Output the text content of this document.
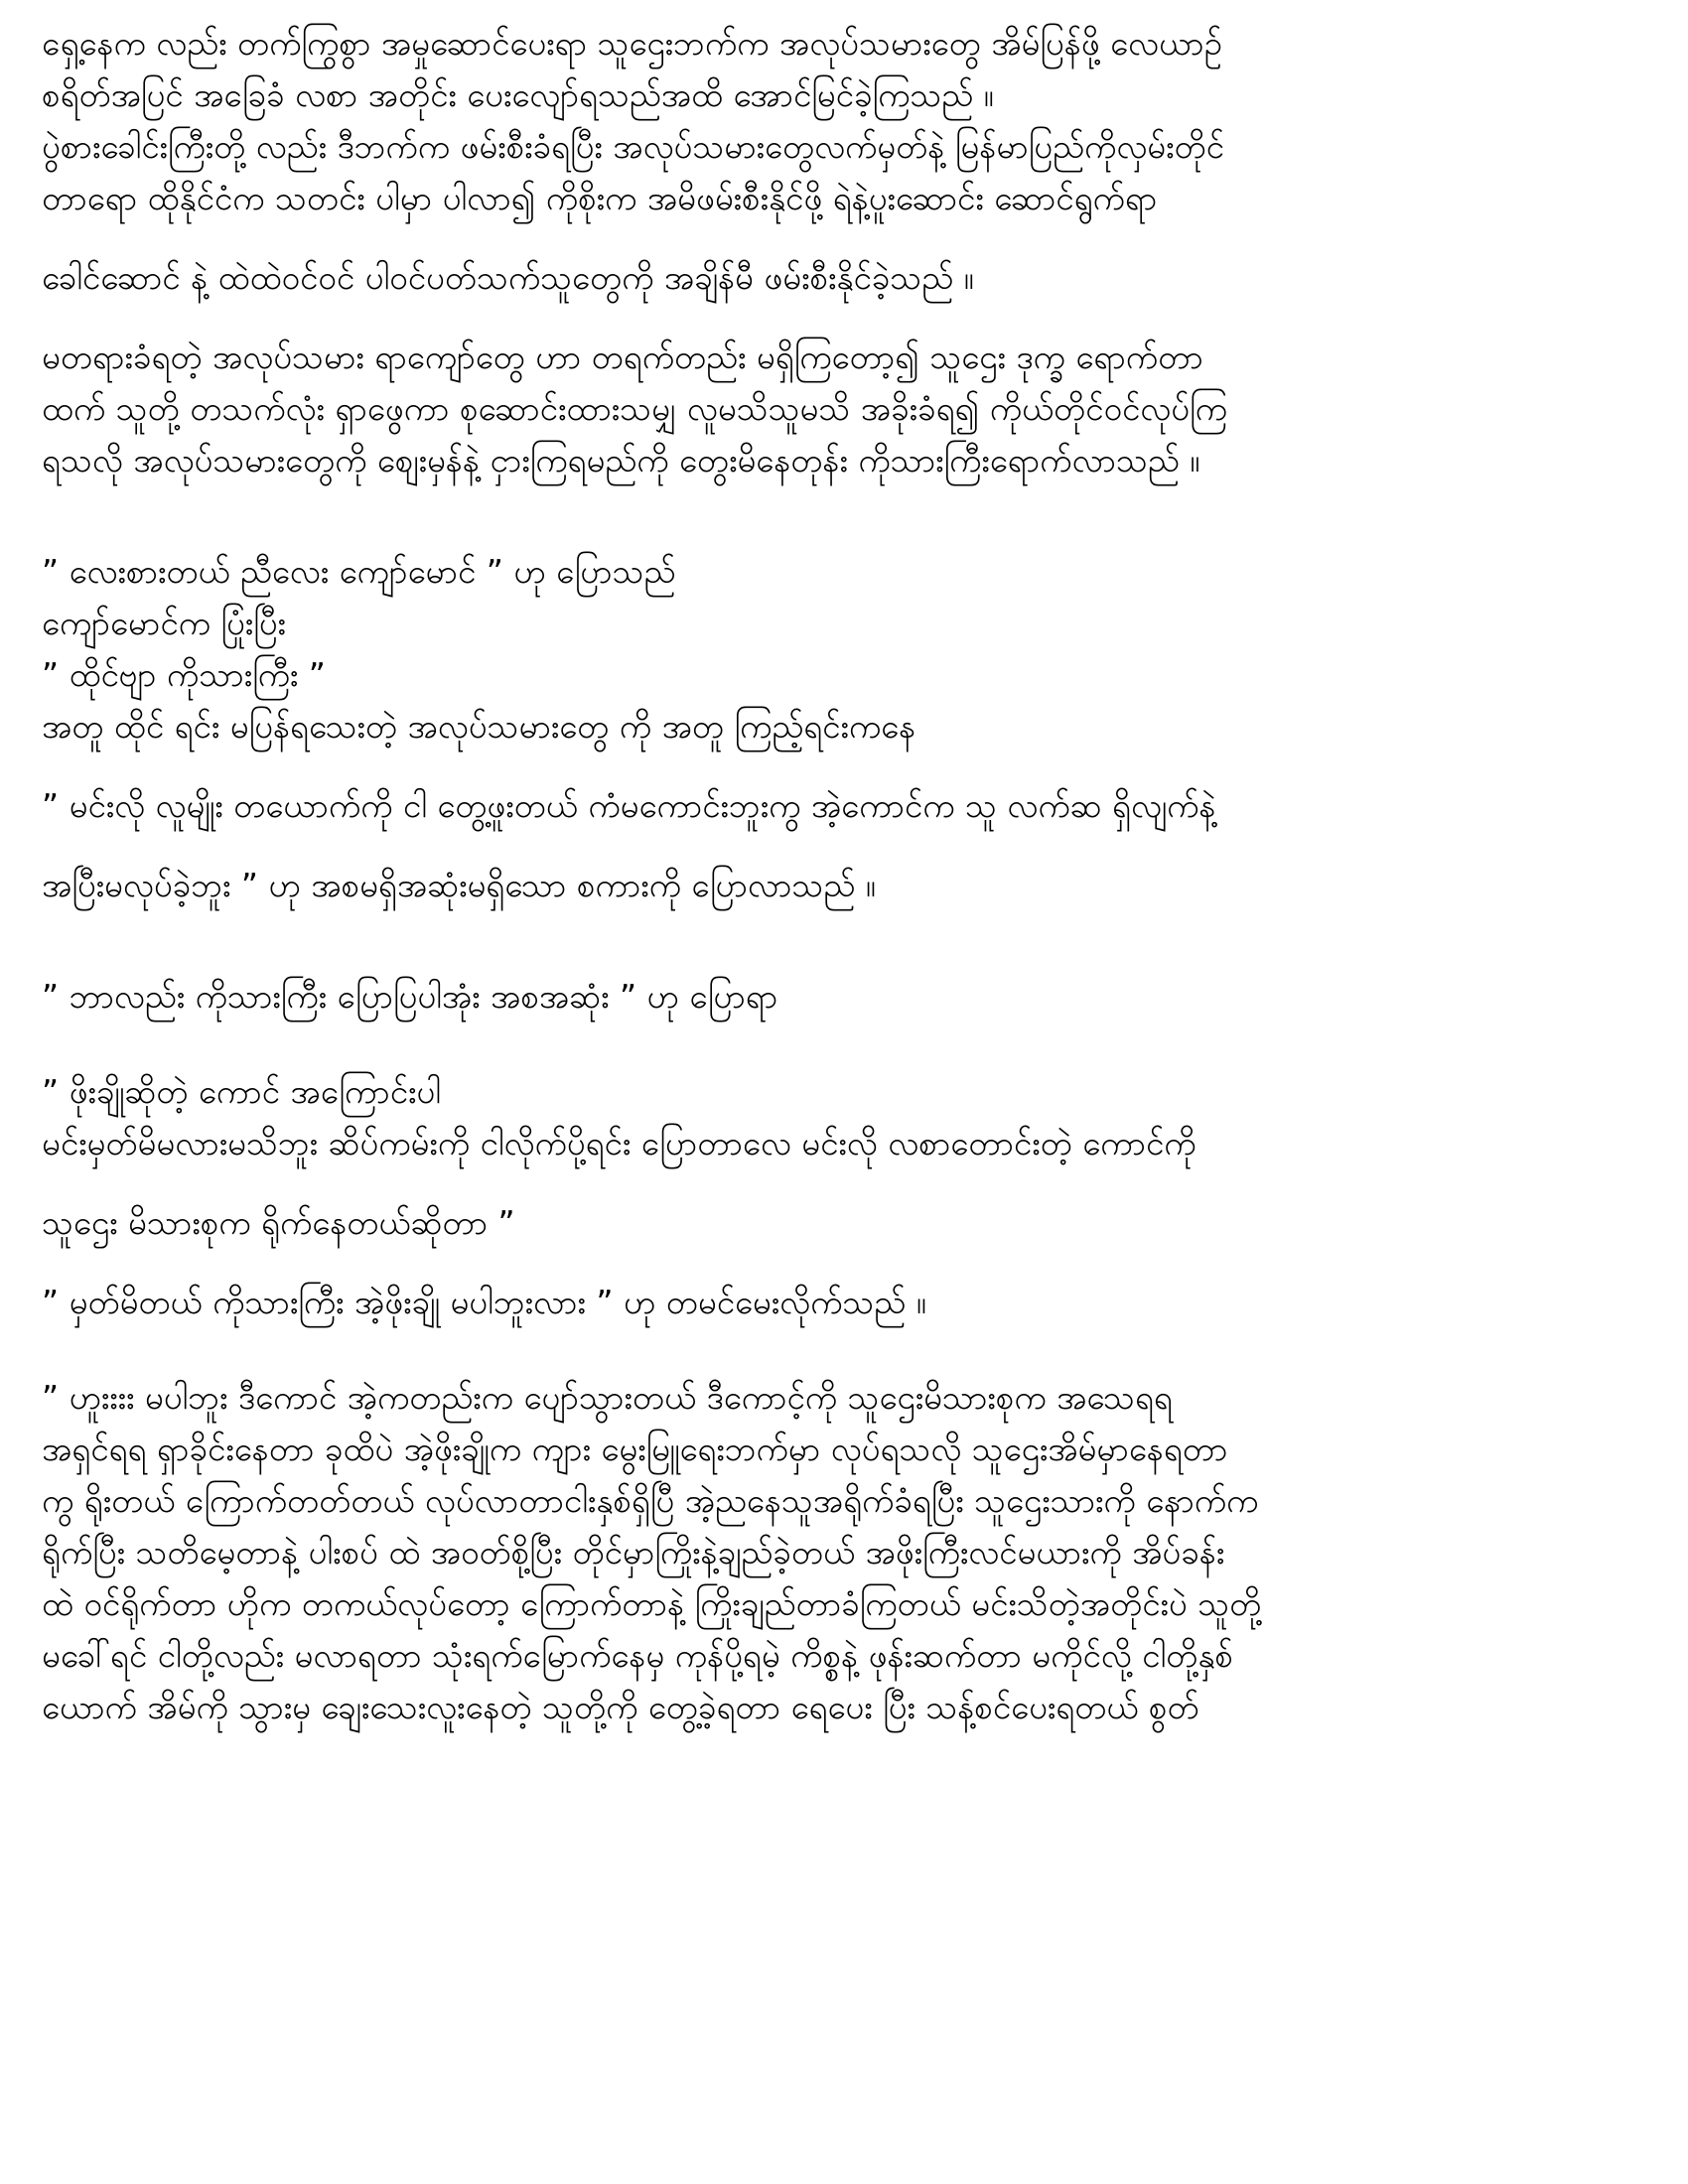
ရှေ့နေက လည်း တက်ကြွစွာ အမှုဆောင်ပေးရာ သူဌေးဘက်က အလုပ်သမားတွေ အိမ်ပြန်ဖို့ လေယာဉ်
စရိတ်အပြင် အခြေခံ လစာ အတိုင်း ပေးလျော်ရသည်အထိ အောင်မြင်ခဲ့ကြသည် ။
ပွဲစားခေါင်းကြီးတို့ လည်း ဒီဘက်က ဖမ်းစီးခံရပြီး အလုပ်သမားတွေလက်မှတ်နဲ့ မြန်မာပြည်ကိုလှမ်းတိုင်
တာရော ထိုနိုင်ငံက သတင်း ပါမှာ ပါလာ၍ ကိုစိုးက အမိဖမ်းစီးနိုင်ဖို့ ရဲနဲ့ပူးဆောင်း ဆောင်ရွက်ရာ
ခေါင်ဆောင် နဲ့ ထဲထဲဝင်ဝင် ပါဝင်ပတ်သက်သူတွေကို အချိန်မီ ဖမ်းစီးနိုင်ခဲ့သည် ။
မတရားခံရတဲ့ အလုပ်သမား ရာကျော်တွေ ဟာ တရက်တည်း မရှိကြတော့၍ သူဌေး ဒုက္ခ ရောက်တာ
ထက် သူတို့ တသက်လုံး ရှာဖွေကာ စုဆောင်းထားသမျှ လူမသိသူမသိ အခိုးခံရ၍ ကိုယ်တိုင်ဝင်လုပ်ကြ
ရသလို အလုပ်သမားတွေကို စျေးမှန်နဲ့ ငှားကြရမည်ကို တွေးမိနေတုန်း ကိုသားကြီးရောက်လာသည် ။
” လေးစားတယ် ညီလေး ကျော်မောင် ” ဟု ပြောသည်
ကျော်မောင်က ပြုံးပြီး
” ထိုင်ဗျာ ကိုသားကြီး ”
အတူ ထိုင် ရင်း မပြန်ရသေးတဲ့ အလုပ်သမားတွေ ကို အတူ ကြည့်ရင်းကနေ
” မင်းလို လူမျိုး တယောက်ကို ငါ တွေ့ဖူးတယ် ကံမကောင်းဘူးကွ အဲ့ကောင်က သူ လက်ဆ ရှိလျက်နဲ့
အပြီးမလုပ်ခဲ့ဘူး ” ဟု အစမရှိအဆုံးမရှိသော စကားကို ပြောလာသည် ။
” ဘာလည်း ကိုသားကြီး ပြောပြပါအုံး အစအဆုံး ” ဟု ပြောရာ
” ဖိုးချိုဆိုတဲ့ ကောင် အကြောင်းပါ
မင်းမှတ်မိမလားမသိဘူး ဆိပ်ကမ်းကို ငါလိုက်ပို့ရင်း ပြောတာလေ မင်းလို လစာတောင်းတဲ့ ကောင်ကို
သူဌေး မိသားစုက ရိုက်နေတယ်ဆိုတာ ”
” မှတ်မိတယ် ကိုသားကြီး အဲ့ဖိုးချို မပါဘူးလား ” ဟု တမင်မေးလိုက်သည် ။
” ဟူးးးး မပါဘူး ဒီကောင် အဲ့ကတည်းက ပျော်သွားတယ် ဒီကောင့်ကို သူဌေးမိသားစုက အသေရရ
အရှင်ရရ ရှာခိုင်းနေတာ ခုထိပဲ အဲ့ဖိုးချိုက ကျား မွေးမြူရေးဘက်မှာ လုပ်ရသလို သူဌေးအိမ်မှာနေရတာ
ကွ ရိုးတယ် ကြောက်တတ်တယ် လုပ်လာတာငါးနှစ်ရှိပြီ အဲ့ညနေသူအရိုက်ခံရပြီး သူဌေးသားကို နောက်က
ရိုက်ပြီး သတိမေ့တာနဲ့ ပါးစပ် ထဲ အဝတ်စို့ပြီး တိုင်မှာကြိုးနဲ့ချည်ခဲ့တယ် အဖိုးကြီးလင်မယားကို အိပ်ခန်း
ထဲ ဝင်ရိုက်တာ ဟိုက တကယ်လုပ်တော့ ကြောက်တာနဲ့ ကြိုးချည်တာခံကြတယ် မင်းသိတဲ့အတိုင်းပဲ သူတို့
မခေါ်ရင် ငါတို့လည်း မလာရတာ သုံးရက်မြောက်နေမှ ကုန်ပို့ရမဲ့ ကိစ္စနဲ့ ဖုန်းဆက်တာ မကိုင်လို့ ငါတို့နှစ်
ယောက် အိမ်ကို သွားမှ ချေးသေးလူးနေတဲ့ သူတို့ကို တွေ့ခဲ့ရတာ ရေပေး ပြီး သန့်စင်ပေးရတယ် စွတ်
